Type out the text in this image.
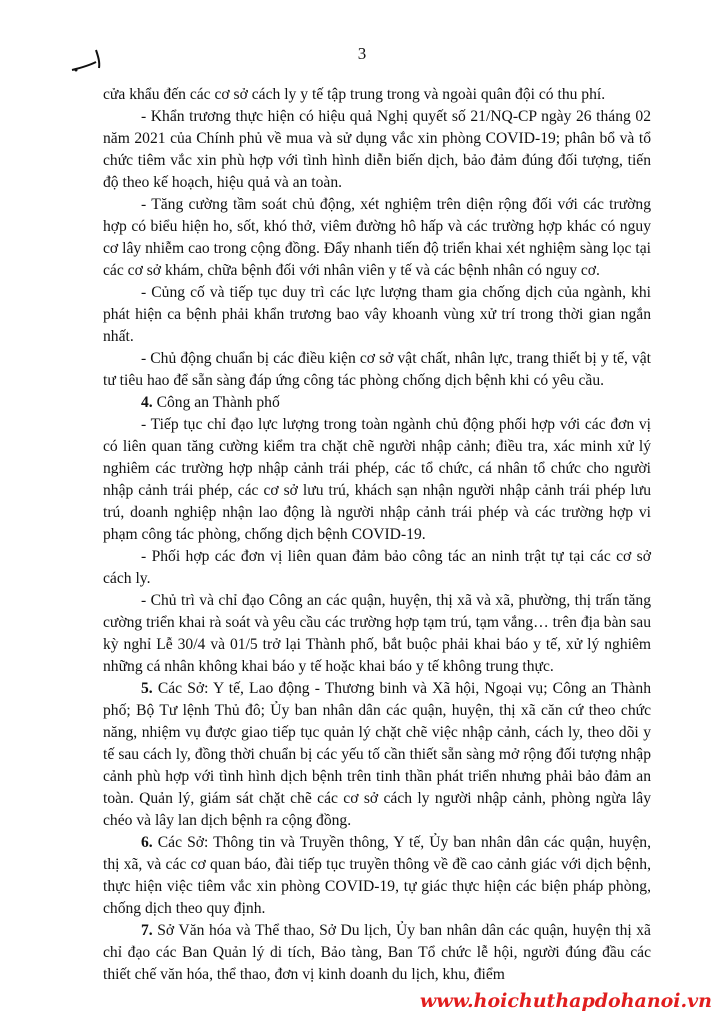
3

cửa khẩu đến các cơ sở cách ly y tế tập trung trong và ngoài quân đội có thu phí.

- Khẩn trương thực hiện có hiệu quả Nghị quyết số 21/NQ-CP ngày 26 tháng 02 năm 2021 của Chính phủ về mua và sử dụng vắc xin phòng COVID-19; phân bổ và tổ chức tiêm vắc xin phù hợp với tình hình diễn biến dịch, bảo đảm đúng đối tượng, tiến độ theo kế hoạch, hiệu quả và an toàn.

- Tăng cường tầm soát chủ động, xét nghiệm trên diện rộng đối với các trường hợp có biểu hiện ho, sốt, khó thở, viêm đường hô hấp và các trường hợp khác có nguy cơ lây nhiễm cao trong cộng đồng. Đẩy nhanh tiến độ triển khai xét nghiệm sàng lọc tại các cơ sở khám, chữa bệnh đối với nhân viên y tế và các bệnh nhân có nguy cơ.

- Củng cố và tiếp tục duy trì các lực lượng tham gia chống dịch của ngành, khi phát hiện ca bệnh phải khẩn trương bao vây khoanh vùng xử trí trong thời gian ngắn nhất.

- Chủ động chuẩn bị các điều kiện cơ sở vật chất, nhân lực, trang thiết bị y tế, vật tư tiêu hao để sẵn sàng đáp ứng công tác phòng chống dịch bệnh khi có yêu cầu.

4. Công an Thành phố

- Tiếp tục chỉ đạo lực lượng trong toàn ngành chủ động phối hợp với các đơn vị có liên quan tăng cường kiểm tra chặt chẽ người nhập cảnh; điều tra, xác minh xử lý nghiêm các trường hợp nhập cảnh trái phép, các tổ chức, cá nhân tổ chức cho người nhập cảnh trái phép, các cơ sở lưu trú, khách sạn nhận người nhập cảnh trái phép lưu trú, doanh nghiệp nhận lao động là người nhập cảnh trái phép và các trường hợp vi phạm công tác phòng, chống dịch bệnh COVID-19.

- Phối hợp các đơn vị liên quan đảm bảo công tác an ninh trật tự tại các cơ sở cách ly.

- Chủ trì và chỉ đạo Công an các quận, huyện, thị xã và xã, phường, thị trấn tăng cường triển khai rà soát và yêu cầu các trường hợp tạm trú, tạm vắng… trên địa bàn sau kỳ nghỉ Lễ 30/4 và 01/5 trở lại Thành phố, bắt buộc phải khai báo y tế, xử lý nghiêm những cá nhân không khai báo y tế hoặc khai báo y tế không trung thực.

5. Các Sở: Y tế, Lao động - Thương binh và Xã hội, Ngoại vụ; Công an Thành phố; Bộ Tư lệnh Thủ đô; Ủy ban nhân dân các quận, huyện, thị xã căn cứ theo chức năng, nhiệm vụ được giao tiếp tục quản lý chặt chẽ việc nhập cảnh, cách ly, theo dõi y tế sau cách ly, đồng thời chuẩn bị các yếu tố cần thiết sẵn sàng mở rộng đối tượng nhập cảnh phù hợp với tình hình dịch bệnh trên tinh thần phát triển nhưng phải bảo đảm an toàn. Quản lý, giám sát chặt chẽ các cơ sở cách ly người nhập cảnh, phòng ngừa lây chéo và lây lan dịch bệnh ra cộng đồng.

6. Các Sở: Thông tin và Truyền thông, Y tế, Ủy ban nhân dân các quận, huyện, thị xã, và các cơ quan báo, đài tiếp tục truyền thông về đề cao cảnh giác với dịch bệnh, thực hiện việc tiêm vắc xin phòng COVID-19, tự giác thực hiện các biện pháp phòng, chống dịch theo quy định.

7. Sở Văn hóa và Thể thao, Sở Du lịch, Ủy ban nhân dân các quận, huyện thị xã chỉ đạo các Ban Quản lý di tích, Bảo tàng, Ban Tổ chức lễ hội, người đúng đầu các thiết chế văn hóa, thể thao, đơn vị kinh doanh du lịch, khu, điểm

www.hoichuthapdohanoi.vn
